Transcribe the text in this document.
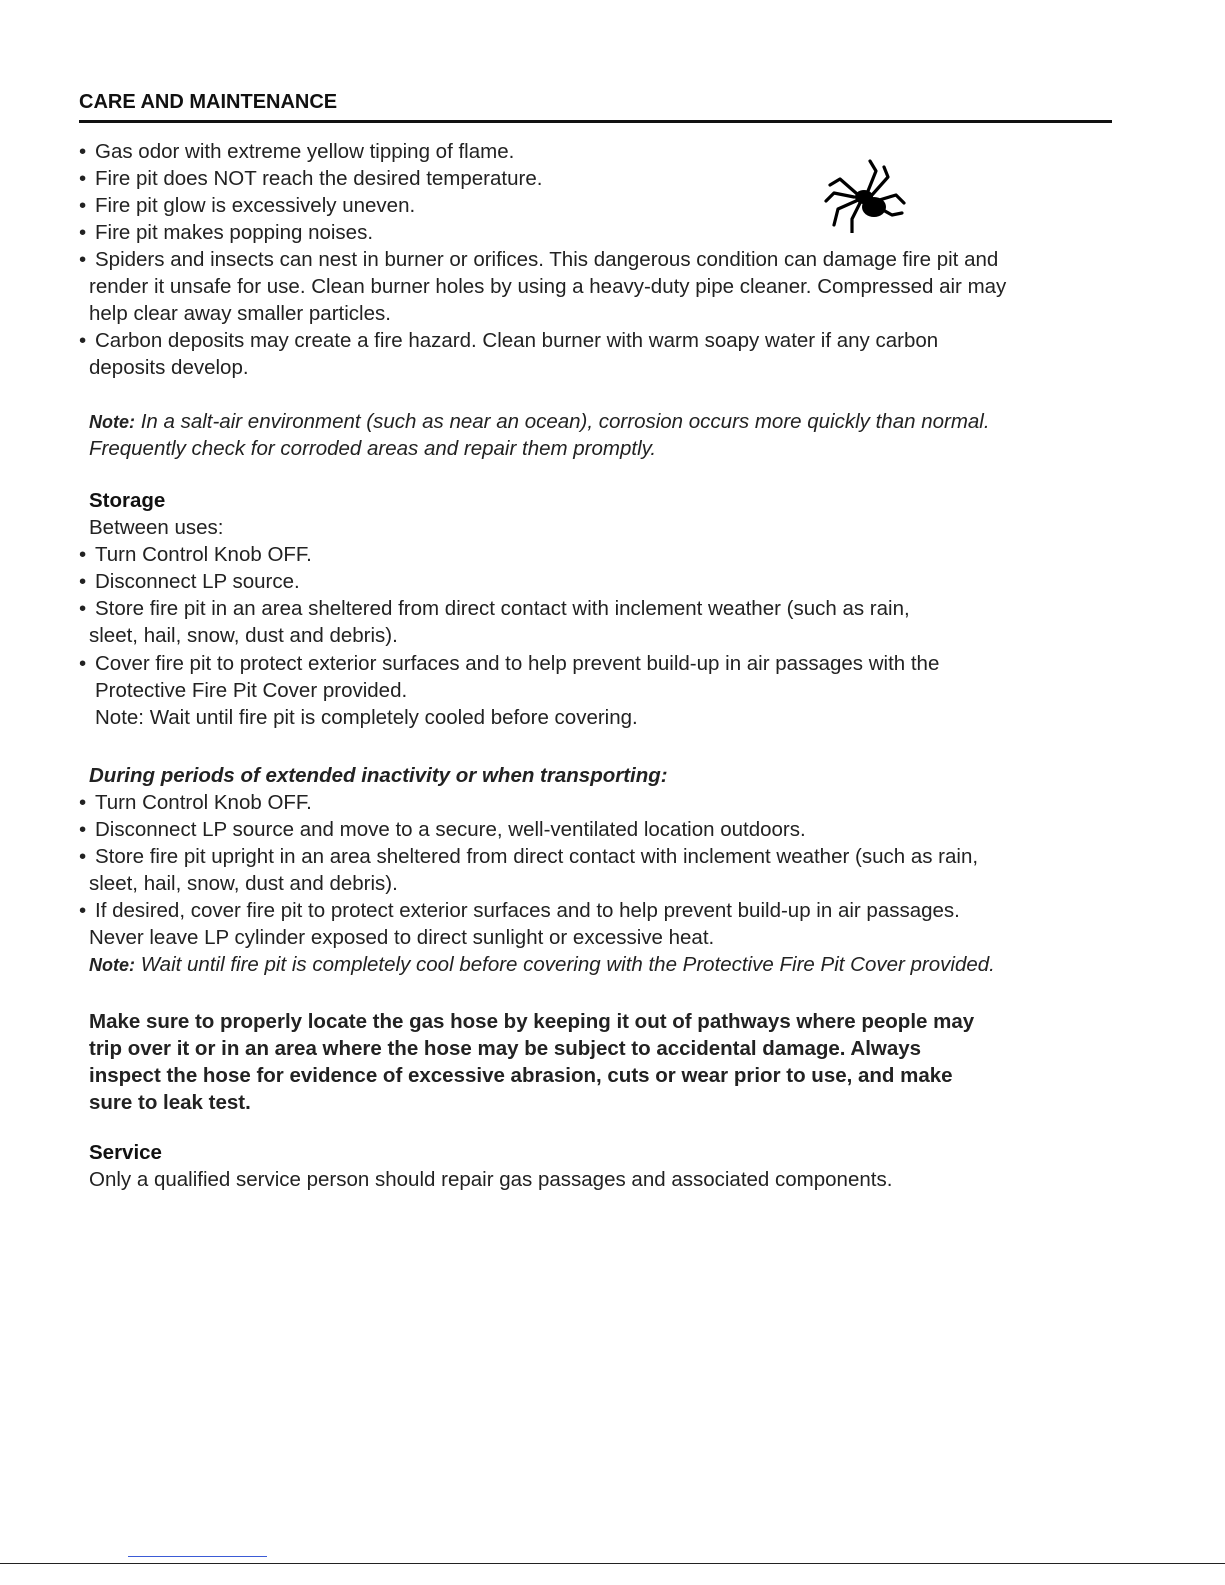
CARE AND MAINTENANCE
• Gas odor with extreme yellow tipping of flame.
• Fire pit does NOT reach the desired temperature.
• Fire pit glow is excessively uneven.
• Fire pit makes popping noises.
• Spiders and insects can nest in burner or orifices. This dangerous condition can damage fire pit and
render it unsafe for use. Clean burner holes by using a heavy-duty pipe cleaner. Compressed air may
help clear away smaller particles.
• Carbon deposits may create a fire hazard. Clean burner with warm soapy water if any carbon
deposits develop.
Note: In a salt-air environment (such as near an ocean), corrosion occurs more quickly than normal.
Frequently check for corroded areas and repair them promptly.
Storage
Between uses:
• Turn Control Knob OFF.
• Disconnect LP source.
• Store fire pit in an area sheltered from direct contact with inclement weather (such as rain,
sleet, hail, snow, dust and debris).
• Cover fire pit to protect exterior surfaces and to help prevent build-up in air passages with the
Protective Fire Pit Cover provided.
Note: Wait until fire pit is completely cooled before covering.
During periods of extended inactivity or when transporting:
• Turn Control Knob OFF.
• Disconnect LP source and move to a secure, well-ventilated location outdoors.
• Store fire pit upright in an area sheltered from direct contact with inclement weather (such as rain,
sleet, hail, snow, dust and debris).
• If desired, cover fire pit to protect exterior surfaces and to help prevent build-up in air passages.
Never leave LP cylinder exposed to direct sunlight or excessive heat.
Note: Wait until fire pit is completely cool before covering with the Protective Fire Pit Cover provided.
Make sure to properly locate the gas hose by keeping it out of pathways where people may
trip over it or in an area where the hose may be subject to accidental damage. Always
inspect the hose for evidence of excessive abrasion, cuts or wear prior to use, and make
sure to leak test.
Service
Only a qualified service person should repair gas passages and associated components.
